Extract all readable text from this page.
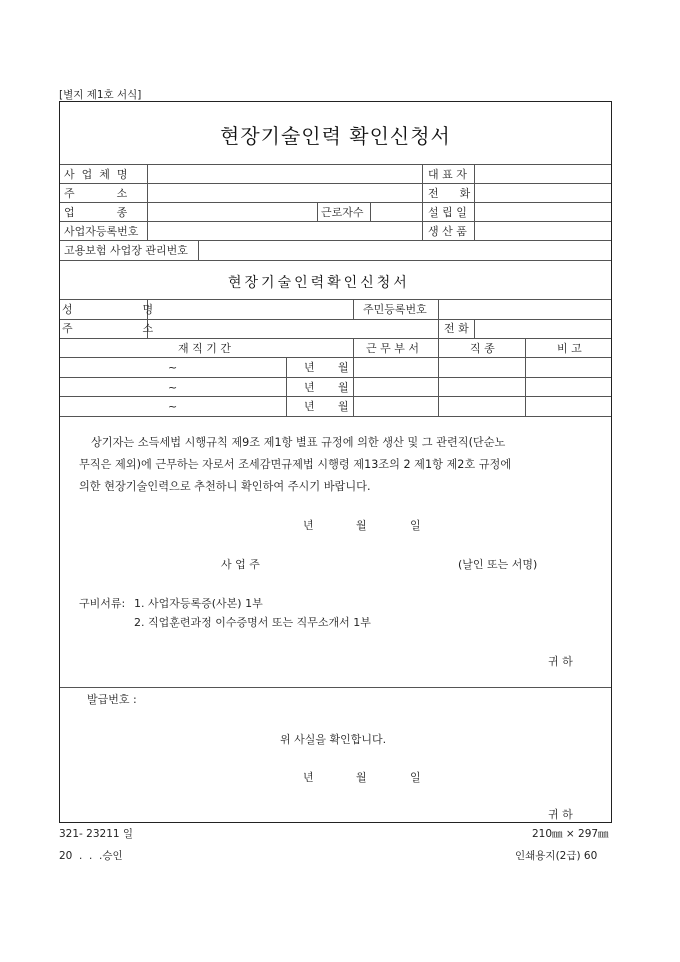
[별지 제1호 서식]
현장기술인력 확인신청서
사  업  체  명	대 표 자
주            소	전      화
업            종	근로자수	설 립 일
사업자등록번호	생 산 품
고용보험 사업장 관리번호
현장기술인력확인신청서
성                    명	주민등록번호
주                    소	전 화
재 직 기 간	근 무 부 서	직 종	비 고
~	년 월
~	년 월
~	년 월
상기자는 소득세법 시행규칙 제9조 제1항 별표 규정에 의한 생산 및 그 관련직(단순노
무직은 제외)에 근무하는 자로서 조세감면규제법 시행령 제13조의 2 제1항 제2호 규정에
의한 현장기술인력으로 추천하니 확인하여 주시기 바랍니다.
년	월	일
사 업 주	(날인 또는 서명)
구비서류: 1. 사업자등록증(사본) 1부
2. 직업훈련과정 이수증명서 또는 직무소개서 1부
귀 하
발급번호 :
위 사실을 확인합니다.
년	월	일
귀 하
321- 23211 일	210㎜ × 297㎜
20  .  .  .승인	인쇄용지(2급) 60
